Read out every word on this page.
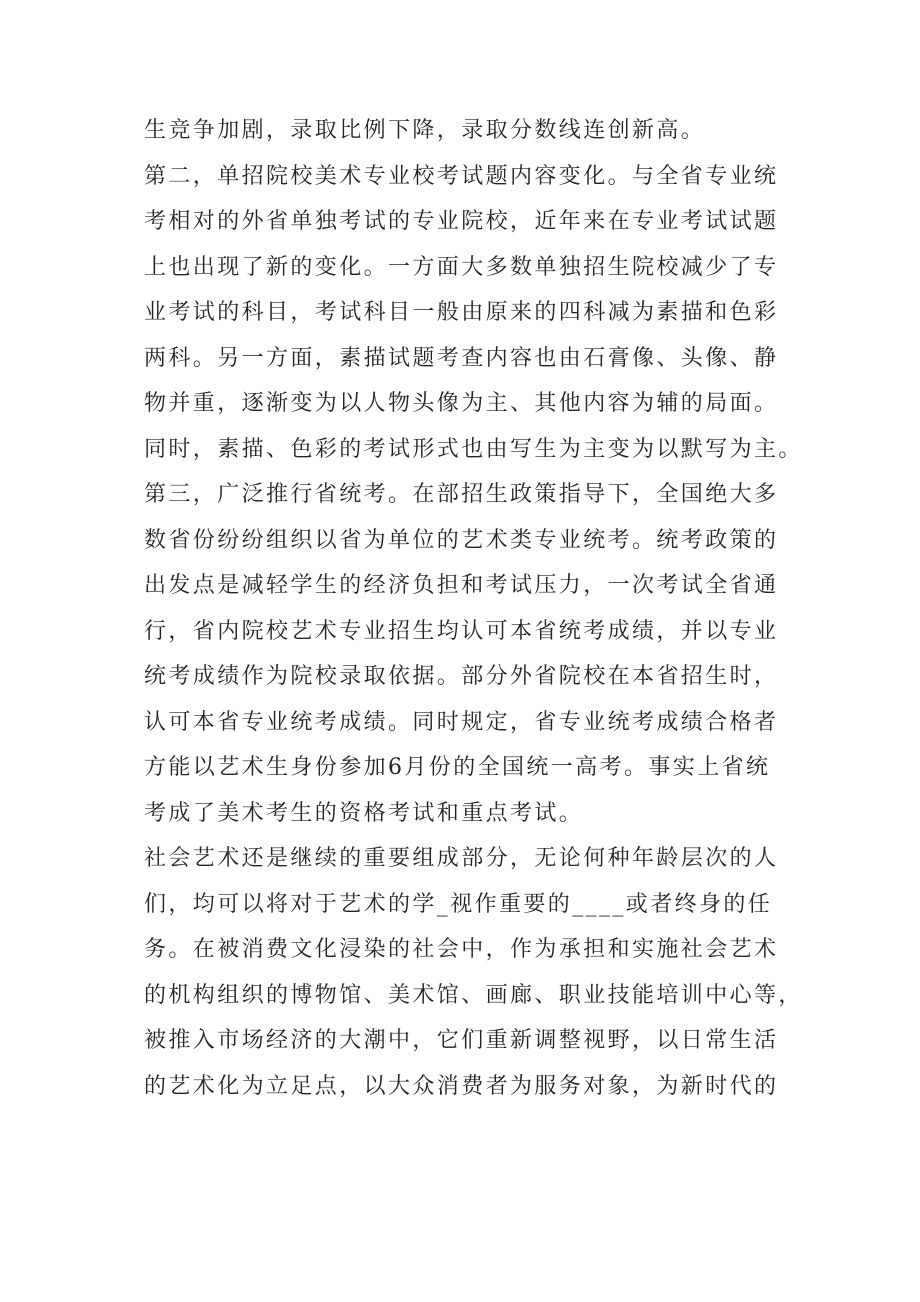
生竞争加剧，录取比例下降，录取分数线连创新高。
第二，单招院校美术专业校考试题内容变化。与全省专业统
考相对的外省单独考试的专业院校，近年来在专业考试试题
上也出现了新的变化。一方面大多数单独招生院校减少了专
业考试的科目，考试科目一般由原来的四科减为素描和色彩
两科。另一方面，素描试题考查内容也由石膏像、头像、静
物并重，逐渐变为以人物头像为主、其他内容为辅的局面。
同时，素描、色彩的考试形式也由写生为主变为以默写为主。
第三，广泛推行省统考。在部招生政策指导下，全国绝大多
数省份纷纷组织以省为单位的艺术类专业统考。统考政策的
出发点是减轻学生的经济负担和考试压力，一次考试全省通
行，省内院校艺术专业招生均认可本省统考成绩，并以专业
统考成绩作为院校录取依据。部分外省院校在本省招生时，
认可本省专业统考成绩。同时规定，省专业统考成绩合格者
方能以艺术生身份参加6月份的全国统一高考。事实上省统
考成了美术考生的资格考试和重点考试。
社会艺术还是继续的重要组成部分，无论何种年龄层次的人
们，均可以将对于艺术的学_视作重要的____或者终身的任
务。在被消费文化浸染的社会中，作为承担和实施社会艺术
的机构组织的博物馆、美术馆、画廊、职业技能培训中心等，
被推入市场经济的大潮中，它们重新调整视野，以日常生活
的艺术化为立足点，以大众消费者为服务对象，为新时代的
